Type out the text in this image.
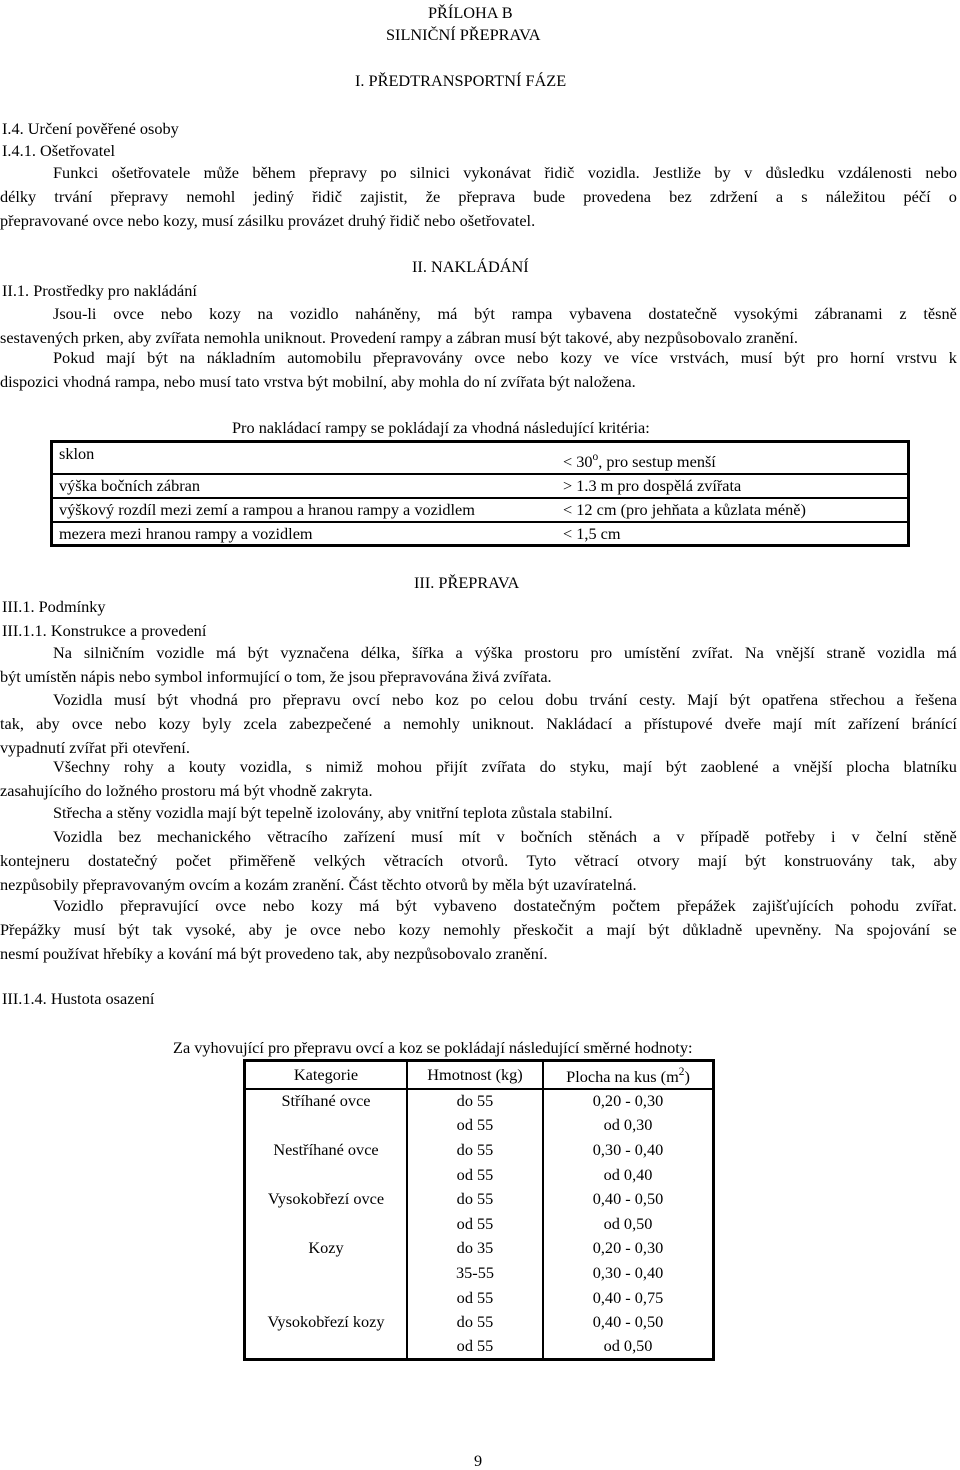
PŘÍLOHA B
SILNIČNÍ PŘEPRAVA
I. PŘEDTRANSPORTNÍ FÁZE
I.4. Určení pověřené osoby
I.4.1. Ošetřovatel
Funkci ošetřovatele může během přepravy po silnici vykonávat řidič vozidla. Jestliže by v důsledku vzdálenosti nebo
délky trvání přepravy nemohl jediný řidič zajistit, že přeprava bude provedena bez zdržení a s náležitou péčí o
přepravované ovce nebo kozy, musí zásilku provázet druhý řidič nebo ošetřovatel.
II. NAKLÁDÁNÍ
II.1. Prostředky pro nakládání
Jsou-li ovce nebo kozy na vozidlo naháněny, má být rampa vybavena dostatečně vysokými zábranami z těsně
sestavených prken, aby zvířata nemohla uniknout. Provedení rampy a zábran musí být takové, aby nezpůsobovalo zranění.
Pokud mají být na nákladním automobilu přepravovány ovce nebo kozy ve více vrstvách, musí být pro horní vrstvu k
dispozici vhodná rampa, nebo musí tato vrstva být mobilní, aby mohla do ní zvířata být naložena.
Pro nakládací rampy se pokládají za vhodná následující kritéria:
sklon	< $30^o$, pro sestup menší
výška bočních zábran	> 1.3 m pro dospělá zvířata
výškový rozdíl mezi zemí a rampou a hranou rampy a vozidlem	< 12 cm (pro jehňata a kůzlata méně)
mezera mezi hranou rampy a vozidlem	< 1,5 cm
III. PŘEPRAVA
III.1. Podmínky
III.1.1. Konstrukce a provedení
Na silničním vozidle má být vyznačena délka, šířka a výška prostoru pro umístění zvířat. Na vnější straně vozidla má
být umístěn nápis nebo symbol informující o tom, že jsou přepravována živá zvířata.
Vozidla musí být vhodná pro přepravu ovcí nebo koz po celou dobu trvání cesty. Mají být opatřena střechou a řešena
tak, aby ovce nebo kozy byly zcela zabezpečené a nemohly uniknout. Nakládací a přístupové dveře mají mít zařízení bránící
vypadnutí zvířat při otevření.
Všechny rohy a kouty vozidla, s nimiž mohou přijít zvířata do styku, mají být zaoblené a vnější plocha blatníku
zasahujícího do ložného prostoru má být vhodně zakryta.
Střecha a stěny vozidla mají být tepelně izolovány, aby vnitřní teplota zůstala stabilní.
Vozidla bez mechanického větracího zařízení musí mít v bočních stěnách a v případě potřeby i v čelní stěně
kontejneru dostatečný počet přiměřeně velkých větracích otvorů. Tyto větrací otvory mají být konstruovány tak, aby
nezpůsobily přepravovaným ovcím a kozám zranění. Část těchto otvorů by měla být uzavíratelná.
Vozidlo přepravující ovce nebo kozy má být vybaveno dostatečným počtem přepážek zajišťujících pohodu zvířat.
Přepážky musí být tak vysoké, aby je ovce nebo kozy nemohly přeskočit a mají být důkladně upevněny. Na spojování se
nesmí používat hřebíky a kování má být provedeno tak, aby nezpůsobovalo zranění.
III.1.4. Hustota osazení
Za vyhovující pro přepravu ovcí a koz se pokládají následující směrné hodnoty:
Kategorie	Hmotnost (kg)	Plocha na kus $(m^2)$
Stříhané ovce	do 55	0,20 - 0,30
	od 55	od 0,30
Nestříhané ovce	do 55	0,30 - 0,40
	od 55	od 0,40
Vysokobřezí ovce	do 55	0,40 - 0,50
	od 55	od 0,50
Kozy	do 35	0,20 - 0,30
	35-55	0,30 - 0,40
	od 55	0,40 - 0,75
Vysokobřezí kozy	do 55	0,40 - 0,50
	od 55	od 0,50
9
